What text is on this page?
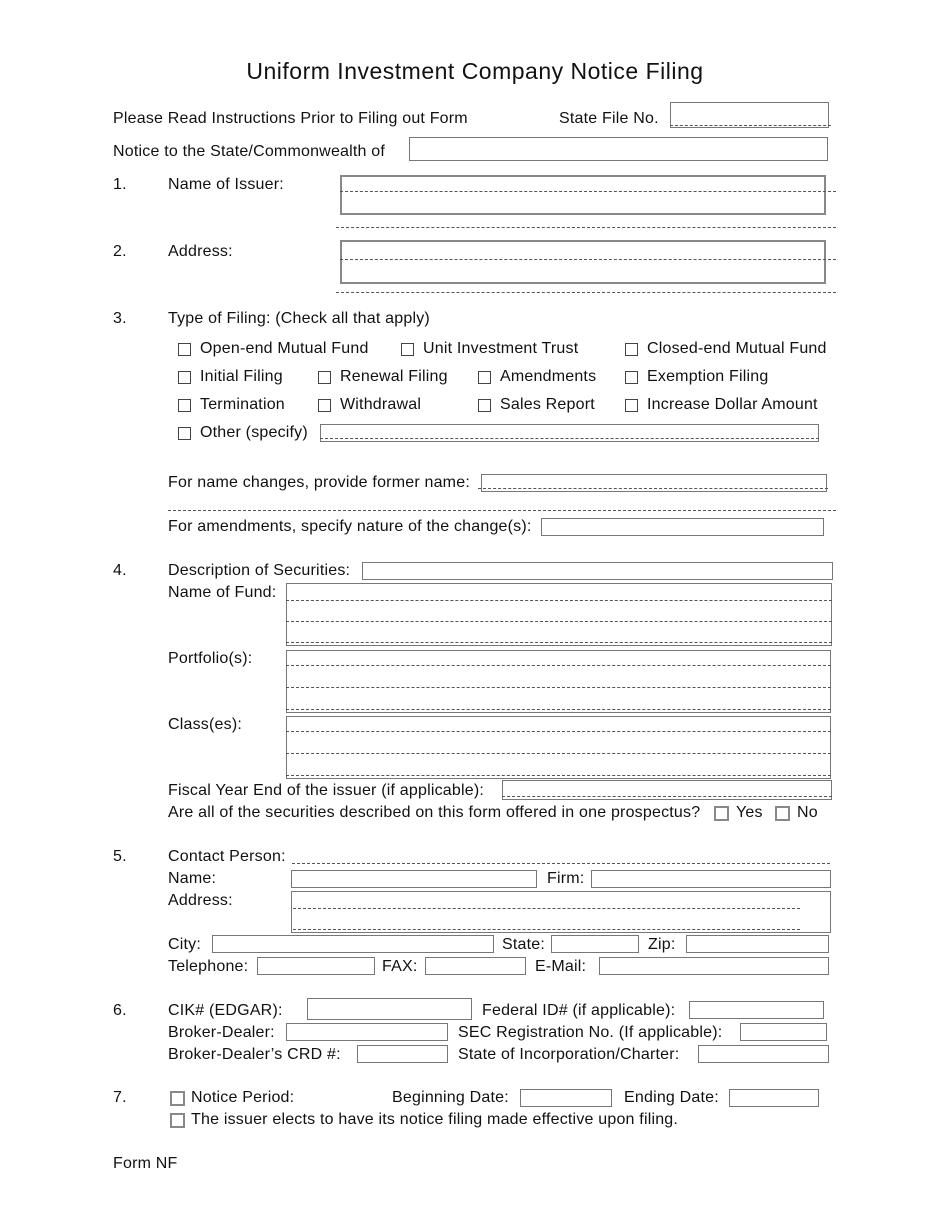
Uniform Investment Company Notice Filing
Please Read Instructions Prior to Filing out Form	State File No.
Notice to the State/Commonwealth of
1.	Name of Issuer:
2.	Address:
3.	Type of Filing: (Check all that apply)
Open-end Mutual Fund	Unit Investment Trust	Closed-end Mutual Fund
Initial Filing	Renewal Filing	Amendments	Exemption Filing
Termination	Withdrawal	Sales Report	Increase Dollar Amount
Other (specify)
For name changes, provide former name:
For amendments, specify nature of the change(s):
4.	Description of Securities:
Name of Fund:
Portfolio(s):
Class(es):
Fiscal Year End of the issuer (if applicable):
Are all of the securities described on this form offered in one prospectus? Yes No
5.	Contact Person:
Name:	Firm:
Address:
City:	State:	Zip:
Telephone:	FAX:	E-Mail:
6.	CIK# (EDGAR):	Federal ID# (if applicable):
Broker-Dealer:	SEC Registration No. (If applicable):
Broker-Dealer’s CRD #:	State of Incorporation/Charter:
7.	Notice Period:	Beginning Date:	Ending Date:
The issuer elects to have its notice filing made effective upon filing.
Form NF
